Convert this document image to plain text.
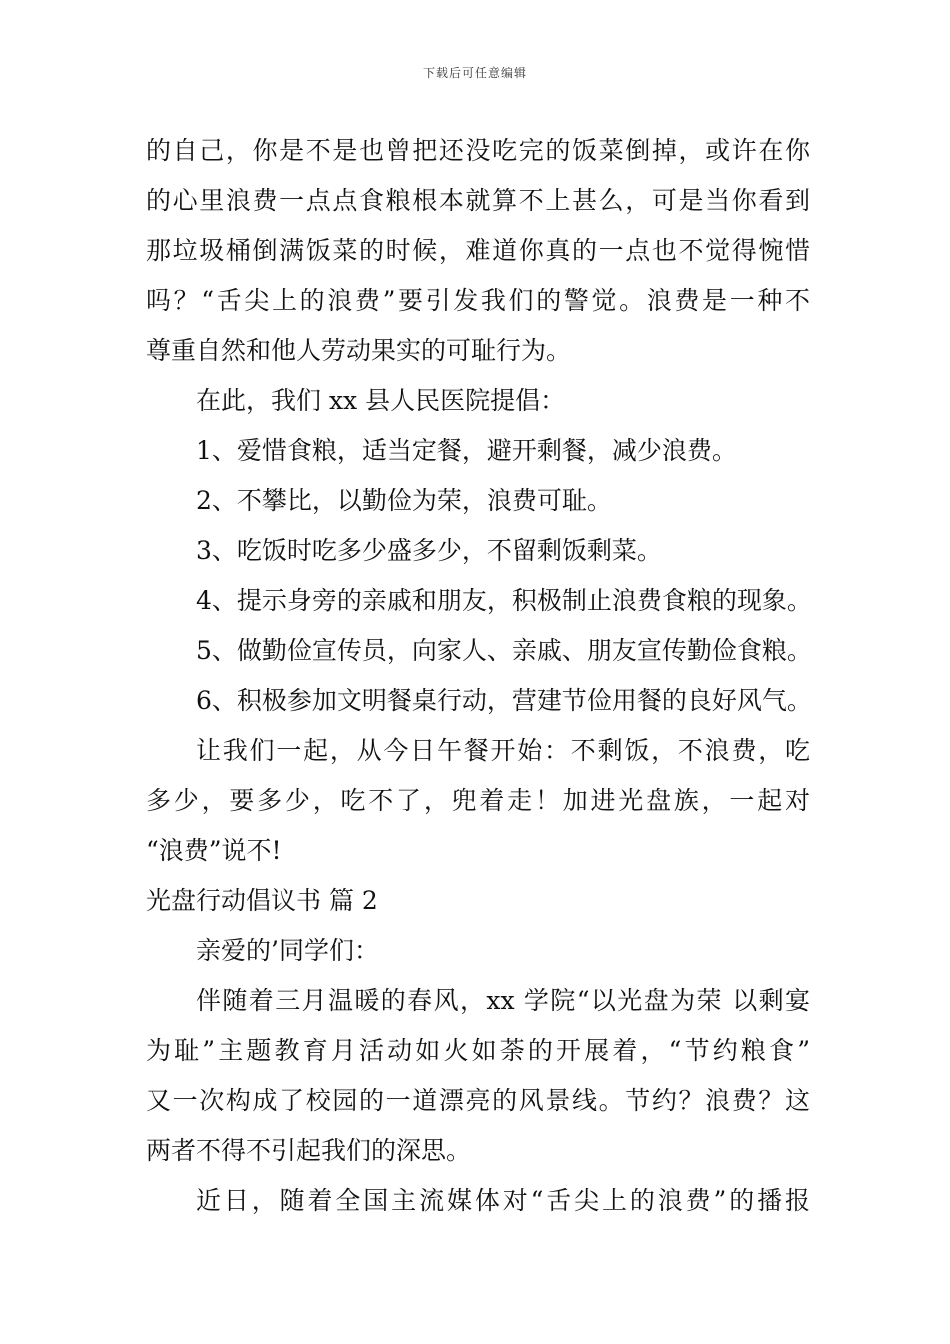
下载后可任意编辑
的自己，你是不是也曾把还没吃完的饭菜倒掉，或许在你
的心里浪费一点点食粮根本就算不上甚么，可是当你看到
那垃圾桶倒满饭菜的时候，难道你真的一点也不觉得惋惜
吗？“舌尖上的浪费”要引发我们的警觉。浪费是一种不
尊重自然和他人劳动果实的可耻行为。
在此，我们 xx 县人民医院提倡：
1、爱惜食粮，适当定餐，避开剩餐，减少浪费。
2、不攀比，以勤俭为荣，浪费可耻。
3、吃饭时吃多少盛多少，不留剩饭剩菜。
4、提示身旁的亲戚和朋友，积极制止浪费食粮的现象。
5、做勤俭宣传员，向家人、亲戚、朋友宣传勤俭食粮。
6、积极参加文明餐桌行动，营建节俭用餐的良好风气。
让我们一起，从今日午餐开始：不剩饭，不浪费，吃
多少，要多少，吃不了，兜着走！加进光盘族，一起对
“浪费”说不!
光盘行动倡议书 篇 2
亲爱的’同学们：
伴随着三月温暖的春风，xx 学院“以光盘为荣 以剩宴
为耻”主题教育月活动如火如荼的开展着，“节约粮食”
又一次构成了校园的一道漂亮的风景线。节约？浪费？这
两者不得不引起我们的深思。
近日，随着全国主流媒体对“舌尖上的浪费”的播报
